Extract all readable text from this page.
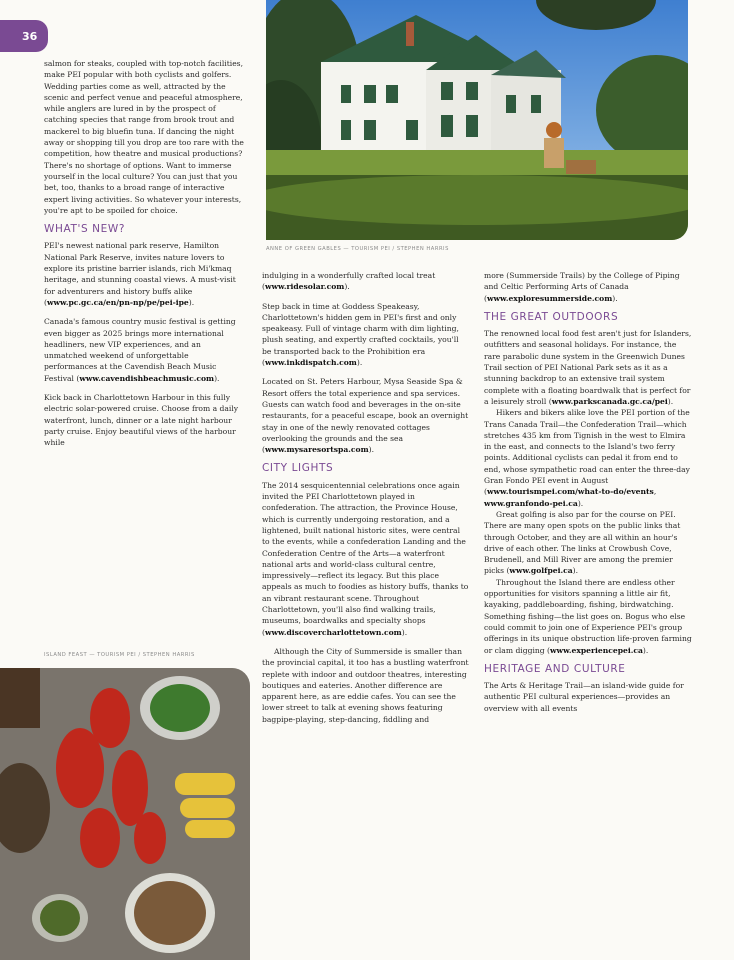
36
ANNE OF GREEN GABLES — TOURISM PEI / STEPHEN HARRIS

salmon for steaks, coupled with top-notch facilities, make PEI popular with both cyclists and golfers. Wedding parties come as well, attracted by the scenic and perfect venue and peaceful atmosphere, while anglers are lured in by the prospect of catching species that range from brook trout and mackerel to big bluefin tuna. If dancing the night away or shopping till you drop are too rare with the competition, how theatre and musical productions? There's no shortage of options. Want to immerse yourself in the local culture? You can just that you bet, too, thanks to a broad range of interactive expert living activities. So whatever your interests, you're apt to be spoiled for choice.

WHAT'S NEW?

PEI's newest national park reserve, Hamilton National Park Reserve, invites nature lovers to explore its pristine barrier islands, rich Mi'kmaq heritage, and stunning coastal views. A must-visit for adventurers and history buffs alike (www.pc.gc.ca/en/pn-np/pe/pei-ipe).

Canada's famous country music festival is getting even bigger as 2025 brings more international headliners, new VIP experiences, and an unmatched weekend of unforgettable performances at the Cavendish Beach Music Festival (www.cavendishbeachmusic.com).

Kick back in Charlottetown Harbour in this fully electric solar-powered cruise. Choose from a daily waterfront, lunch, dinner or a late night harbour party cruise. Enjoy beautiful views of the harbour while

ISLAND FEAST — TOURISM PEI / STEPHEN HARRIS

indulging in a wonderfully crafted local treat (www.ridesolar.com).

Step back in time at Goddess Speakeasy, Charlottetown's hidden gem in PEI's first and only speakeasy. Full of vintage charm with dim lighting, plush seating, and expertly crafted cocktails, you'll be transported back to the Prohibition era (www.inkdispatch.com).

Located on St. Peters Harbour, Mysa Seaside Spa & Resort offers the total experience and spa services. Guests can watch food and beverages in the on-site restaurants, for a peaceful escape, book an overnight stay in one of the newly renovated cottages overlooking the grounds and the sea (www.mysaresortspa.com).

CITY LIGHTS

The 2014 sesquicentennial celebrations once again invited the PEI Charlottetown played in confederation. The attraction, the Province House, which is currently undergoing restoration, and a lightened, built national historic sites, were central to the events, while a confederation Landing and the Confederation Centre of the Arts—a waterfront national arts and world-class cultural centre, impressively—reflect its legacy. But this place appeals as much to foodies as history buffs, thanks to an vibrant restaurant scene. Throughout Charlottetown, you'll also find walking trails, museums, boardwalks and specialty shops (www.discovercharlottetown.com).

Although the City of Summerside is smaller than the provincial capital, it too has a bustling waterfront replete with indoor and outdoor theatres, interesting boutiques and eateries. Another difference are apparent here, as are eddie cafes. You can see the lower street to talk at evening shows featuring bagpipe-playing, step-dancing, fiddling and

more (Summerside Trails) by the College of Piping and Celtic Performing Arts of Canada (www.exploresummerside.com).

THE GREAT OUTDOORS

The renowned local food fest aren't just for Islanders, outfitters and seasonal holidays. For instance, the rare parabolic dune system in the Greenwich Dunes Trail section of PEI National Park sets as it as a stunning backdrop to an extensive trail system complete with a floating boardwalk that is perfect for a leisurely stroll (www.parkscanada.gc.ca/pei).

Hikers and bikers alike love the PEI portion of the Trans Canada Trail—the Confederation Trail—which stretches 435 km from Tignish in the west to Elmira in the east, and connects to the Island's two ferry points. Additional cyclists can pedal it from end to end, whose sympathetic road can enter the three-day Gran Fondo PEI event in August (www.tourismpei.com/what-to-do/events, www.granfondo-pei.ca).

Great golfing is also par for the course on PEI. There are many open spots on the public links that through October, and they are all within an hour's drive of each other. The links at Crowbush Cove, Brudenell, and Mill River are among the premier picks (www.golfpei.ca).

Throughout the Island there are endless other opportunities for visitors spanning a little air fit, kayaking, paddleboarding, fishing, birdwatching. Something fishing—the list goes on. Bogus who else could commit to join one of Experience PEI's group offerings in its unique obstruction life-proven farming or clam digging (www.experiencepei.ca).

HERITAGE AND CULTURE

The Arts & Heritage Trail—an island-wide guide for authentic PEI cultural experiences—provides an overview with all events
